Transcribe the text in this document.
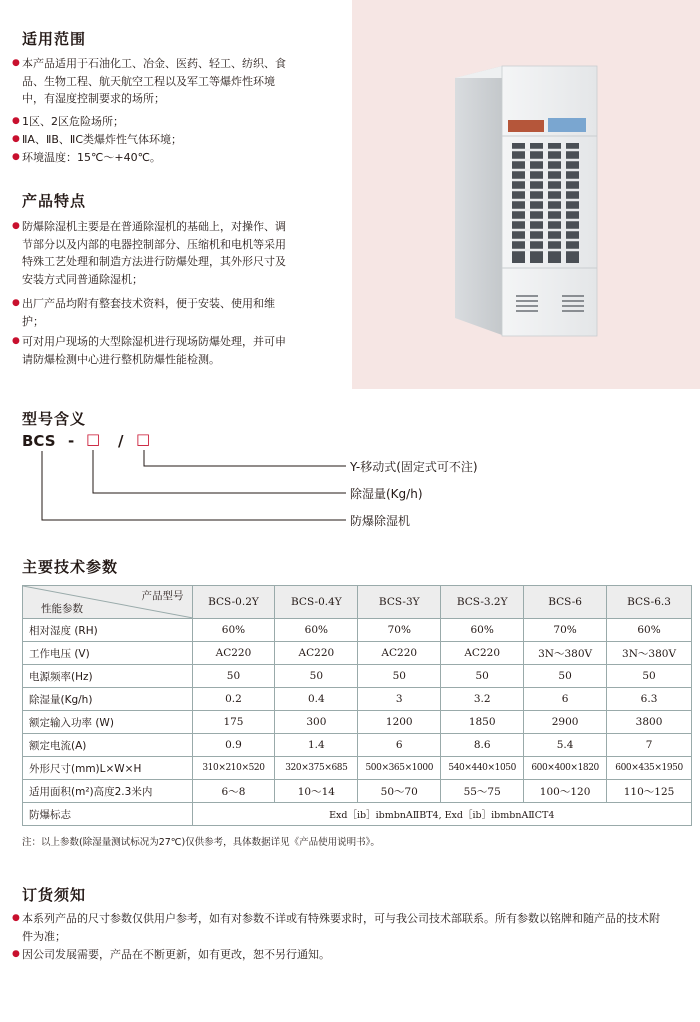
适用范围
● 本产品适用于石油化工、冶金、医药、轻工、纺织、食品、生物工程、航天航空工程以及军工等爆炸性环境中，有湿度控制要求的场所；
● 1区、2区危险场所；
● ⅡA、ⅡB、ⅡC类爆炸性气体环境；
● 环境温度：15℃～+40℃。
产品特点
● 防爆除湿机主要是在普通除湿机的基础上，对操作、调节部分以及内部的电器控制部分、压缩机和电机等采用特殊工艺处理和制造方法进行防爆处理，其外形尺寸及安装方式同普通除湿机；
● 出厂产品均附有整套技术资料，便于安装、使用和维护；
● 可对用户现场的大型除湿机进行现场防爆处理，并可申请防爆检测中心进行整机防爆性能检测。
型号含义
BCS - □ / □
Y-移动式(固定式可不注)
除湿量(Kg/h)
防爆除湿机
主要技术参数
产品型号
性能参数	BCS-0.2Y	BCS-0.4Y	BCS-3Y	BCS-3.2Y	BCS-6	BCS-6.3
相对湿度 (RH)	60%	60%	70%	60%	70%	60%
工作电压 (V)	AC220	AC220	AC220	AC220	3N～380V	3N～380V
电源频率(Hz)	50	50	50	50	50	50
除湿量(Kg/h)	0.2	0.4	3	3.2	6	6.3
额定输入功率 (W)	175	300	1200	1850	2900	3800
额定电流(A)	0.9	1.4	6	8.6	5.4	7
外形尺寸(mm)L×W×H	310×210×520	320×375×685	500×365×1000	540×440×1050	600×400×1820	600×435×1950
适用面积(m²)高度2.3米内	6～8	10～14	50～70	55～75	100～120	110～125
防爆标志	Exd［ib］ibmbnAⅡBT4, Exd［ib］ibmbnAⅡCT4					
注：以上参数(除湿量测试标况为27℃)仅供参考，具体数据详见《产品使用说明书》。
订货须知
● 本系列产品的尺寸参数仅供用户参考，如有对参数不详或有特殊要求时，可与我公司技术部联系。所有参数以铭牌和随产品的技术附件为准；
● 因公司发展需要，产品在不断更新，如有更改，恕不另行通知。
